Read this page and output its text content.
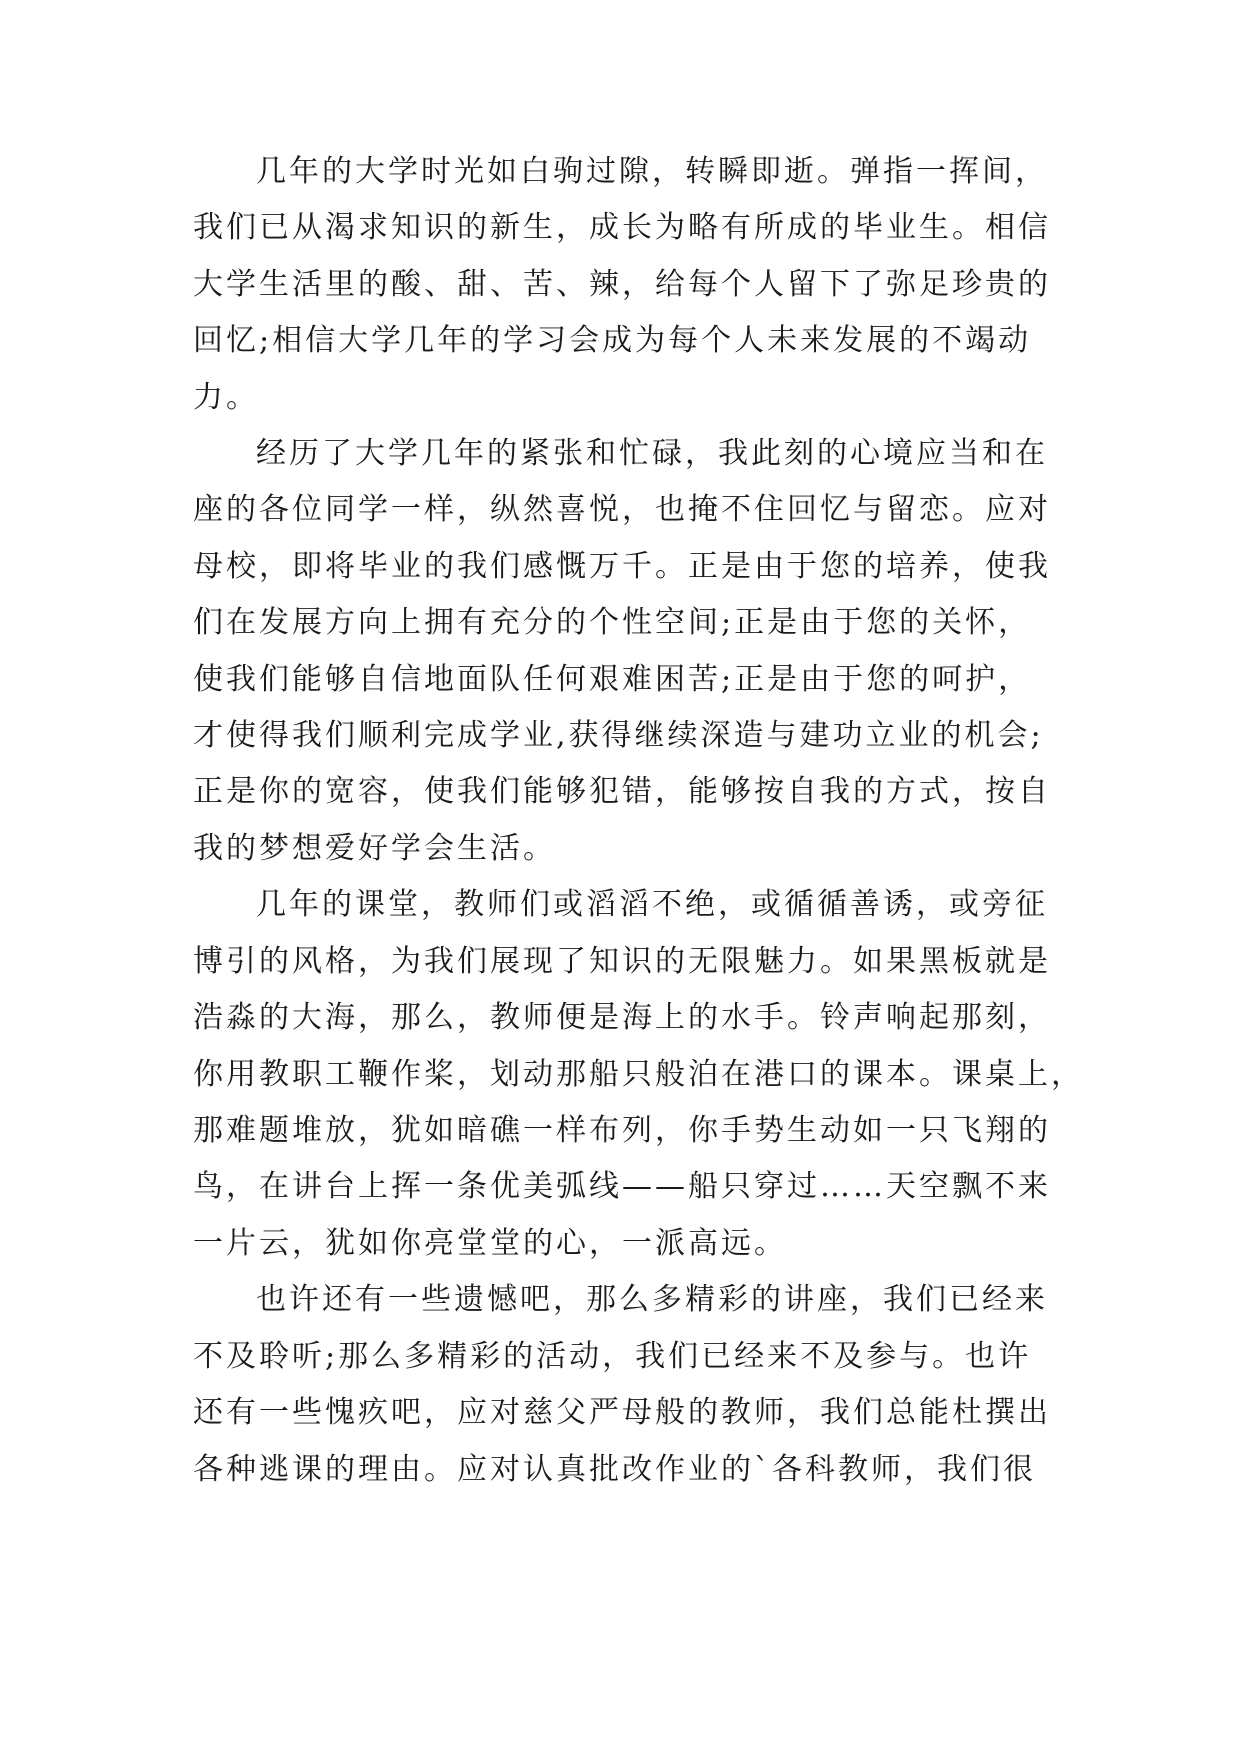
几年的大学时光如白驹过隙，转瞬即逝。弹指一挥间，
我们已从渴求知识的新生，成长为略有所成的毕业生。相信
大学生活里的酸、甜、苦、辣，给每个人留下了弥足珍贵的
回忆;相信大学几年的学习会成为每个人未来发展的不竭动
力。
经历了大学几年的紧张和忙碌，我此刻的心境应当和在
座的各位同学一样，纵然喜悦，也掩不住回忆与留恋。应对
母校，即将毕业的我们感慨万千。正是由于您的培养，使我
们在发展方向上拥有充分的个性空间;正是由于您的关怀，
使我们能够自信地面队任何艰难困苦;正是由于您的呵护，
才使得我们顺利完成学业,获得继续深造与建功立业的机会;
正是你的宽容，使我们能够犯错，能够按自我的方式，按自
我的梦想爱好学会生活。
几年的课堂，教师们或滔滔不绝，或循循善诱，或旁征
博引的风格，为我们展现了知识的无限魅力。如果黑板就是
浩淼的大海，那么，教师便是海上的水手。铃声响起那刻，
你用教职工鞭作桨，划动那船只般泊在港口的课本。课桌上，
那难题堆放，犹如暗礁一样布列，你手势生动如一只飞翔的
鸟，在讲台上挥一条优美弧线——船只穿过……天空飘不来
一片云，犹如你亮堂堂的心，一派高远。
也许还有一些遗憾吧，那么多精彩的讲座，我们已经来
不及聆听;那么多精彩的活动，我们已经来不及参与。也许
还有一些愧疚吧，应对慈父严母般的教师，我们总能杜撰出
各种逃课的理由。应对认真批改作业的`各科教师，我们很
